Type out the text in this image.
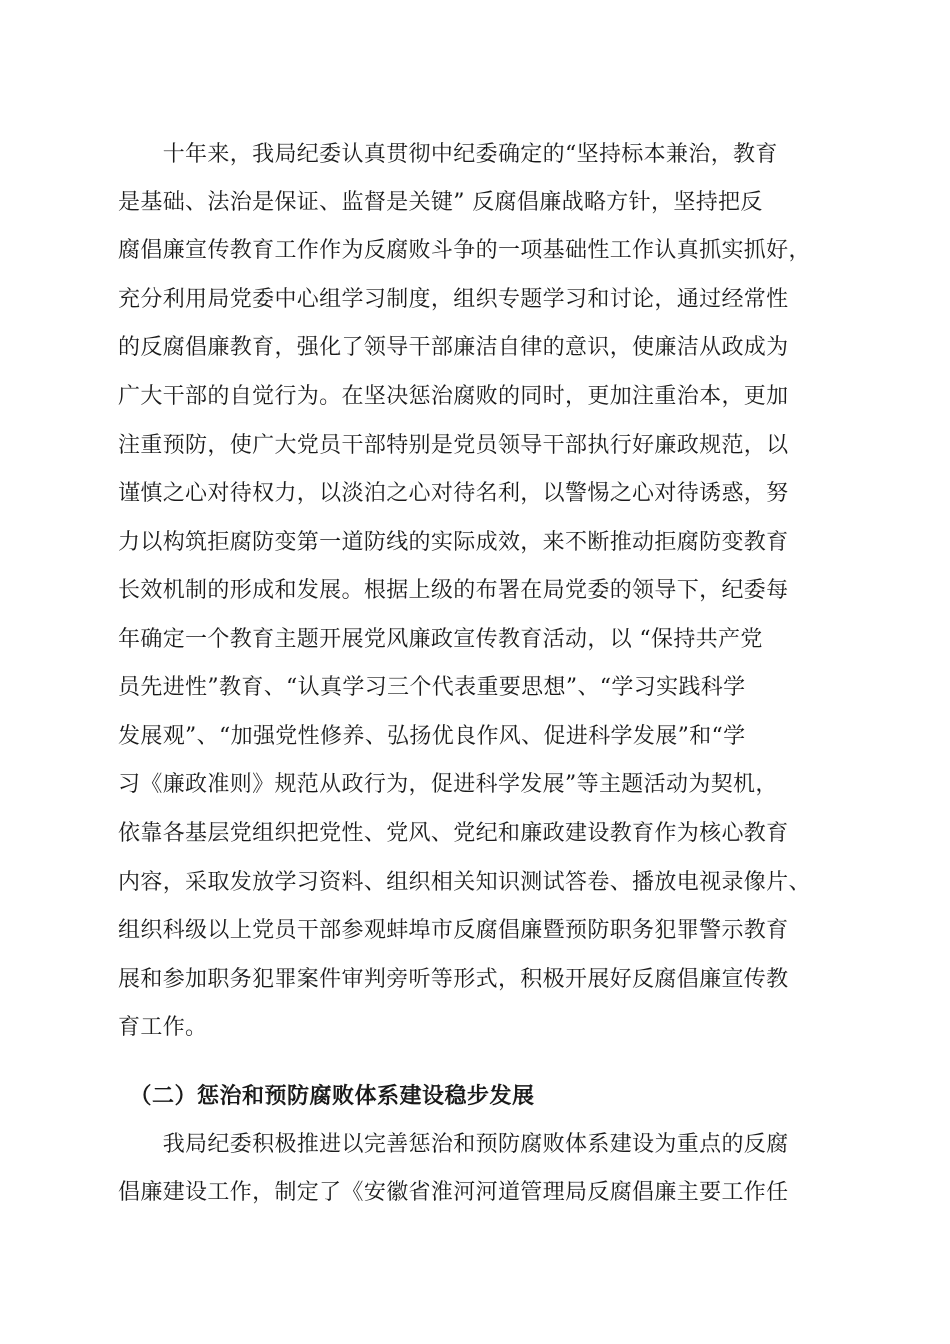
　　十年来，我局纪委认真贯彻中纪委确定的“坚持标本兼治，教育
是基础、法治是保证、监督是关键” 反腐倡廉战略方针，坚持把反
腐倡廉宣传教育工作作为反腐败斗争的一项基础性工作认真抓实抓好，
充分利用局党委中心组学习制度，组织专题学习和讨论，通过经常性
的反腐倡廉教育，强化了领导干部廉洁自律的意识，使廉洁从政成为
广大干部的自觉行为。在坚决惩治腐败的同时，更加注重治本，更加
注重预防，使广大党员干部特别是党员领导干部执行好廉政规范，以
谨慎之心对待权力，以淡泊之心对待名利，以警惕之心对待诱惑，努
力以构筑拒腐防变第一道防线的实际成效，来不断推动拒腐防变教育
长效机制的形成和发展。根据上级的布署在局党委的领导下，纪委每
年确定一个教育主题开展党风廉政宣传教育活动，以 “保持共产党
员先进性”教育、“认真学习三个代表重要思想”、“学习实践科学
发展观”、“加强党性修养、弘扬优良作风、促进科学发展”和“学
习《廉政准则》规范从政行为，促进科学发展”等主题活动为契机，
依靠各基层党组织把党性、党风、党纪和廉政建设教育作为核心教育
内容，采取发放学习资料、组织相关知识测试答卷、播放电视录像片、
组织科级以上党员干部参观蚌埠市反腐倡廉暨预防职务犯罪警示教育
展和参加职务犯罪案件审判旁听等形式，积极开展好反腐倡廉宣传教
育工作。
　（二）惩治和预防腐败体系建设稳步发展
　　我局纪委积极推进以完善惩治和预防腐败体系建设为重点的反腐
倡廉建设工作，制定了《安徽省淮河河道管理局反腐倡廉主要工作任
